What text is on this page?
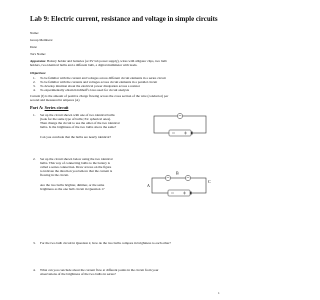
Lab 9: Electric current, resistance and voltage in simple circuits
Name:
Group Members:
Date:
TA's Name:
Apparatus: Battery holder and batteries (or 6V lab power supply), wires with alligator clips, two bulb
holders, two identical bulbs and a different bulb, a digital multimeter with leads.
Objectives:
1. To be familiar with the current and voltages across different circuit elements in a series circuit
2. To be familiar with the currents and voltages across circuit elements in a parallel circuit
3. To develop intuition about the electrical power dissipation across a resistor
4. To experimentally obtain Kirchhoff's laws used for circuit analysis
Current (I) is the amount of positive charge flowing across the cross section of the wire (conductor) per
second and measured in amperes (A)
Part A: Series circuit
1. Set up the circuit shown with one of two identical bulbs
(look for the same type of bulbs; Ex: spherical ones).
Then change the circuit to use the other of the two identical
bulbs. Is the brightness of the two bulbs above the same?
Can you conclude that the bulbs are nearly identical?
2. Set up the circuit shown below using the two identical
bulbs. This way of connecting bulbs to the battery is
called a series connection. Draw arrows on the figure
to indicate the direction you believe that the current is
flowing in the circuit.
Are the two bulbs brighter, dimmer, or the same
brightness as the one bulb circuit in Question 1?
A
B
C
3. For the two bulb circuit in Question 2, how do the two bulbs compare in brightness to each other?
4. What can you conclude about the current flow at different points in the circuit from your
observations of the brightness of the two bulbs in series?
1
